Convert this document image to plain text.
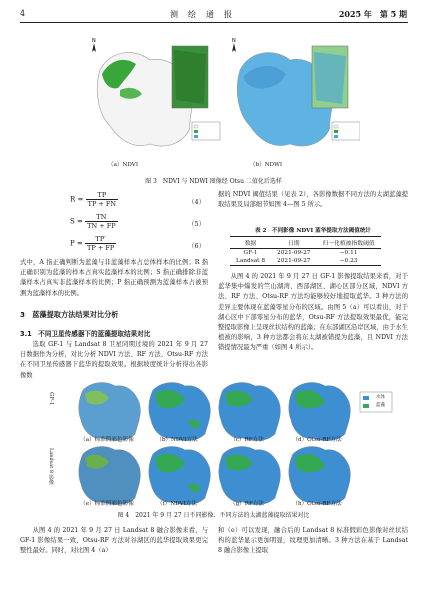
4	测　绘　通　报	2025 年　第 5 期
N	N
（a）NDVI	（b）NDWI
图 3　NDVI 与 NDWI 图像经 Otsu 二值化后选样
$R = \frac{TP}{TP + FN}$	（4）
$S = \frac{TN}{TN + FP}$	（5）
$P = \frac{TP'}{TP + FP}$	（6）

式中，A 指正确判断为蓝藻与非蓝藻样本占总体样本的比例；R 指正确识别为蓝藻的样本占真实蓝藻样本的比例；S 指正确排除非蓝藻样本占真实非蓝藻样本的比例；P 指正确预测为蓝藻样本占被预测为蓝藻样本的比例。

3　蓝藻提取方法结果对比分析
3.1　不同卫星传感器下的蓝藻提取结果对比

选取 GF-1 与 Landsat 8 卫星同期过境的 2021 年 9 月 27 日数据作为分析，对比分析 NDVI 方法、RF 方法、Otsu-RF 方法在不同卫星传感器下蓝华的提取效果。根据坡度统计分析得出各影像数

据的 NDVI 阈值结果（见表 2），各影像数据不同方法的太湖蓝藻提取结果及局部细节如图 4—图 5 所示。

表 2　不同影像 NDVI 蓝华提取方法阈值统计
数据	日期	归一化植被指数阈值
GF-1	2021-09-27	−0.11
Landsat 8	2021-09-27	−0.23

从图 4 的 2021 年 9 月 27 日 GF-1 影像提取结果来看，对于蓝华集中爆发的竺山湖湾、西部湖区、湖心区部分区域，NDVI 方法、RF 方法、Otsu-RF 方法均能够较好地提取蓝华。3 种方法的差异主要体现在蓝藻零星分布的区域。由图 5（a）可以看出，对于湖心区中下部零星分布的蓝华，Otsu-RF 方法提取效果最优，能完整提取影像上呈现丝状结构的蓝藻；在东部湖区沿岸区域，由于水生植被的影响，3 种方法都会将东太湖被错提为蓝藻，且 NDVI 方法错提情况最为严重（如图 4 所示）。

水体
蓝藻
GF-1
Landsat 8 影像
（a）标准假彩色影像	（b）NDVI方法	（c）RF方法	（d）Otsu-RF方法
（e）标准假彩色影像	（f）NDVI方法	（g）RF方法	（h）Otsu-RF方法
图 4　2021 年 9 月 27 日不同影像、不同方法的太湖蓝藻提取结果对比

从图 4 的 2021 年 9 月 27 日 Landsat 8 融合影像来看，与 GF-1 影像结果一致，Otsu-RF 方法对谷湖区的蓝华提取效果更完整性最好。同时，对比图 4（a）

和（e）可以发现，融合后的 Landsat 8 标准假彩色影像对丝状结构的蓝华显示更加明显，纹理更加清晰。3 种方法在基于 Landsat 8 融合影像上提取
